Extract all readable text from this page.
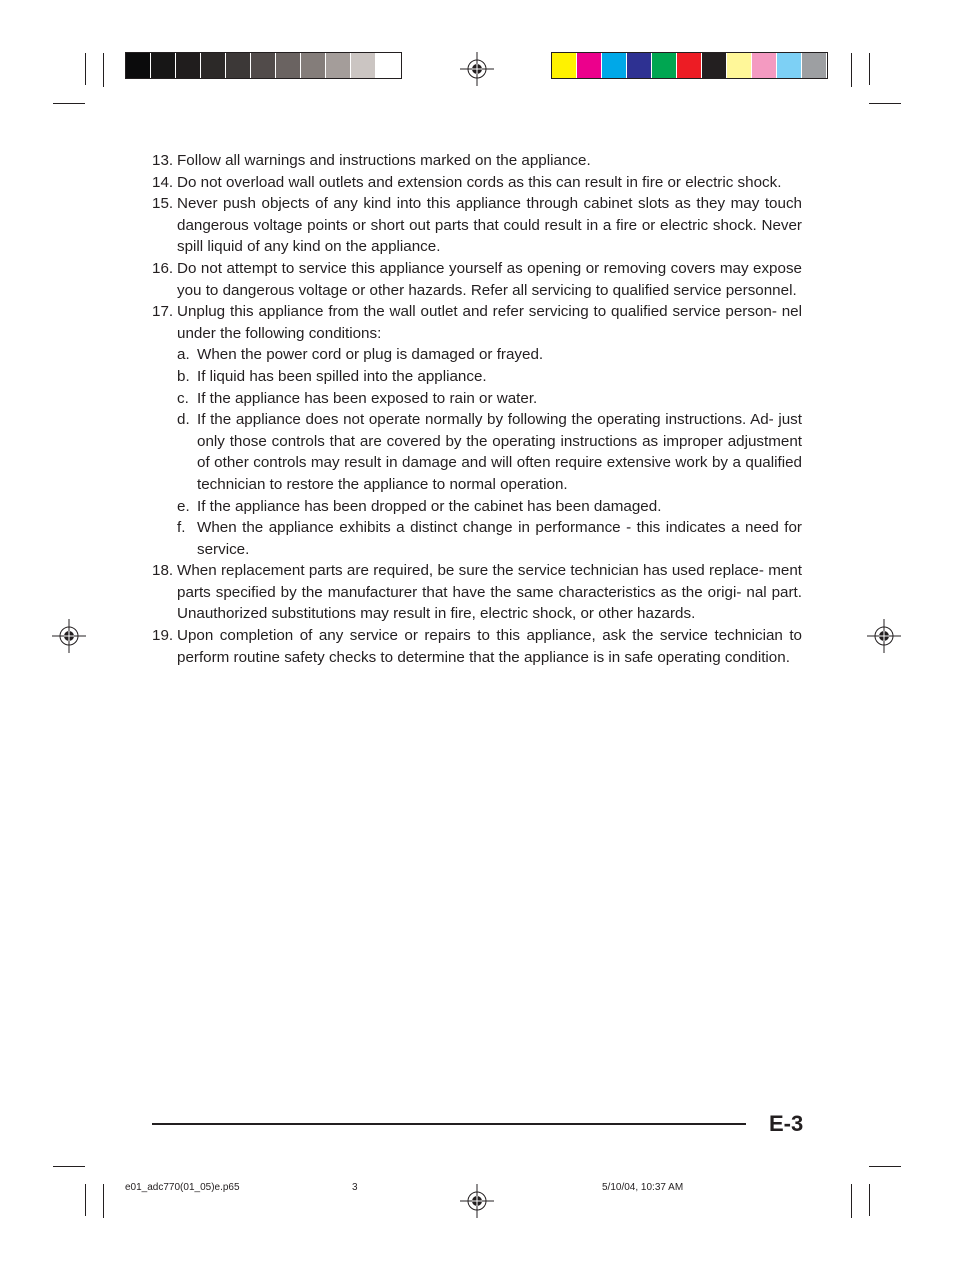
13. Follow all warnings and instructions marked on the appliance.
14. Do not overload wall outlets and extension cords as this can result in fire or electric shock.
15. Never push objects of any kind into this appliance through cabinet slots as they may touch dangerous voltage points or short out parts that could result in a fire or electric shock. Never spill liquid of any kind on the appliance.
16. Do not attempt to service this appliance yourself as opening or removing covers may expose you to dangerous voltage or other hazards. Refer all servicing to qualified service personnel.
17. Unplug this appliance from the wall outlet and refer servicing to qualified service person- nel under the following conditions:
a. When the power cord or plug is damaged or frayed.
b. If liquid has been spilled into the appliance.
c. If the appliance has been exposed to rain or water.
d. If the appliance does not operate normally by following the operating instructions. Ad- just only those controls that are covered by the operating instructions as improper adjustment of other controls may result in damage and will often require extensive work by a qualified technician to restore the appliance to normal operation.
e. If the appliance has been dropped or the cabinet has been damaged.
f. When the appliance exhibits a distinct change in performance - this indicates a need for service.
18. When replacement parts are required, be sure the service technician has used replace- ment parts specified by the manufacturer that have the same characteristics as the origi- nal part. Unauthorized substitutions may result in fire, electric shock, or other hazards.
19. Upon completion of any service or repairs to this appliance, ask the service technician to perform routine safety checks to determine that the appliance is in safe operating condition.
E-3
e01_adc770(01_05)e.p65	3	5/10/04, 10:37 AM
